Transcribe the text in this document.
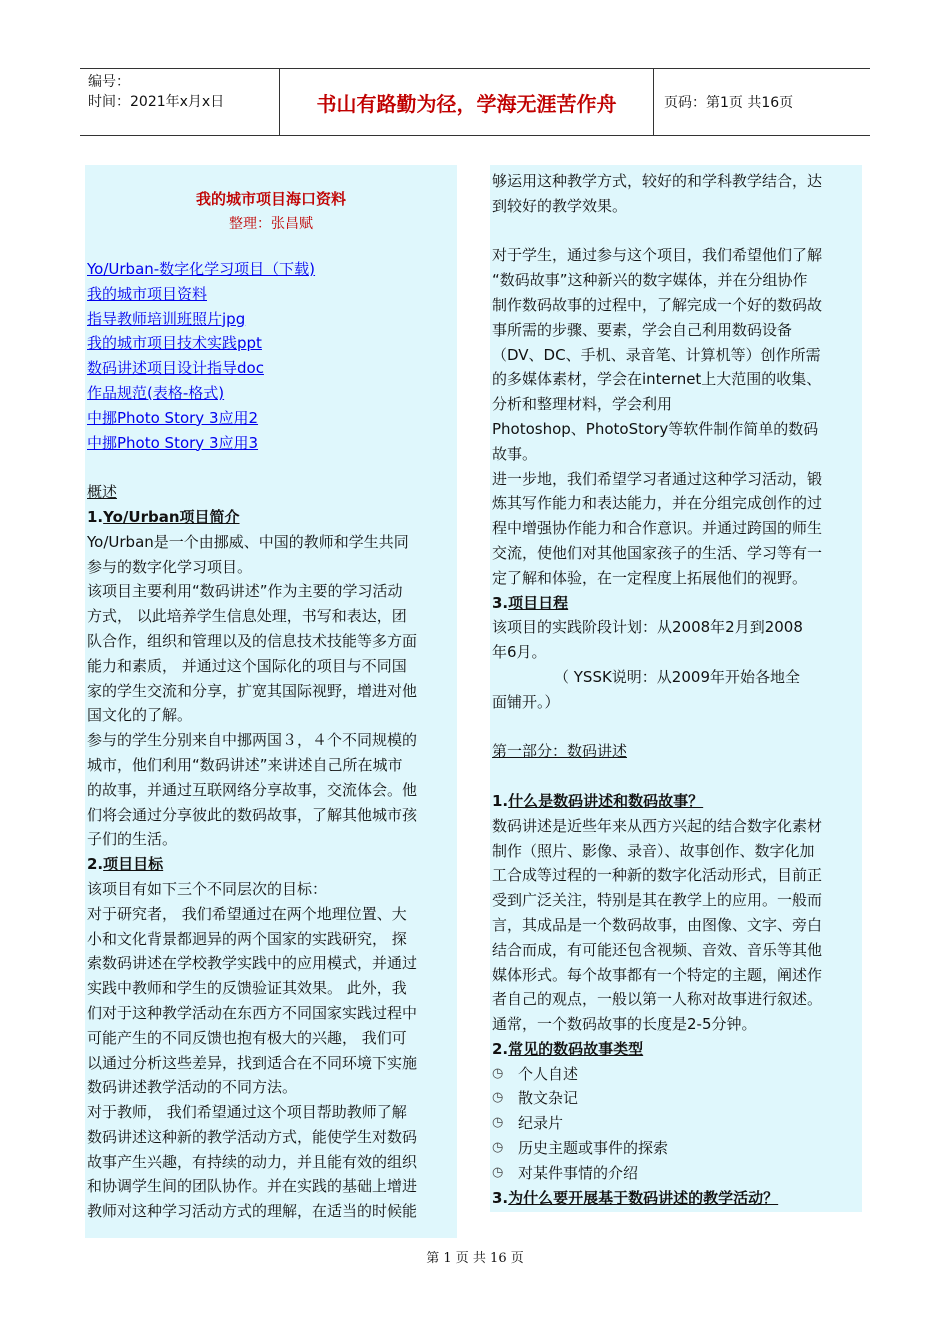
编号：
时间：2021年x月x日	书山有路勤为径，学海无涯苦作舟	页码：第1页 共16页
我的城市项目海口资料
整理：张昌赋
Yo/Urban-数字化学习项目（下载)
我的城市项目资料
指导教师培训班照片jpg
我的城市项目技术实践ppt
数码讲述项目设计指导doc
作品规范(表格-格式)
中挪Photo Story 3应用2
中挪Photo Story 3应用3
概述
1.Yo/Urban项目简介
Yo/Urban是一个由挪威、中国的教师和学生共同
参与的数字化学习项目。
该项目主要利用“数码讲述”作为主要的学习活动
方式， 以此培养学生信息处理，书写和表达，团
队合作，组织和管理以及的信息技术技能等多方面
能力和素质， 并通过这个国际化的项目与不同国
家的学生交流和分享，扩宽其国际视野，增进对他
国文化的了解。
参与的学生分别来自中挪两国３，４个不同规模的
城市，他们利用“数码讲述”来讲述自己所在城市
的故事，并通过互联网络分享故事，交流体会。他
们将会通过分享彼此的数码故事，了解其他城市孩
子们的生活。
2.项目目标
该项目有如下三个不同层次的目标：
对于研究者， 我们希望通过在两个地理位置、大
小和文化背景都迥异的两个国家的实践研究， 探
索数码讲述在学校教学实践中的应用模式，并通过
实践中教师和学生的反馈验证其效果。 此外，我
们对于这种教学活动在东西方不同国家实践过程中
可能产生的不同反馈也抱有极大的兴趣， 我们可
以通过分析这些差异，找到适合在不同环境下实施
数码讲述教学活动的不同方法。
对于教师， 我们希望通过这个项目帮助教师了解
数码讲述这种新的教学活动方式，能使学生对数码
故事产生兴趣，有持续的动力，并且能有效的组织
和协调学生间的团队协作。并在实践的基础上增进
教师对这种学习活动方式的理解，在适当的时候能
够运用这种教学方式，较好的和学科教学结合，达
到较好的教学效果。
对于学生，通过参与这个项目，我们希望他们了解
“数码故事”这种新兴的数字媒体，并在分组协作
制作数码故事的过程中，了解完成一个好的数码故
事所需的步骤、要素，学会自己利用数码设备
（DV、DC、手机、录音笔、计算机等）创作所需
的多媒体素材，学会在internet上大范围的收集、
分析和整理材料，学会利用
Photoshop、PhotoStory等软件制作简单的数码
故事。
进一步地，我们希望学习者通过这种学习活动，锻
炼其写作能力和表达能力，并在分组完成创作的过
程中增强协作能力和合作意识。并通过跨国的师生
交流，使他们对其他国家孩子的生活、学习等有一
定了解和体验，在一定程度上拓展他们的视野。
3.项目日程
该项目的实践阶段计划：从2008年2月到2008
年6月。
（ YSSK说明：从2009年开始各地全
面铺开。）
第一部分：数码讲述
1.什么是数码讲述和数码故事？
数码讲述是近些年来从西方兴起的结合数字化素材
制作（照片、影像、录音）、故事创作、数字化加
工合成等过程的一种新的数字化活动形式，目前正
受到广泛关注，特别是其在教学上的应用。一般而
言，其成品是一个数码故事，由图像、文字、旁白
结合而成，有可能还包含视频、音效、音乐等其他
媒体形式。每个故事都有一个特定的主题，阐述作
者自己的观点，一般以第一人称对故事进行叙述。
通常，一个数码故事的长度是2-5分钟。
2.常见的数码故事类型
◷ 个人自述
◷ 散文杂记
◷ 纪录片
◷ 历史主题或事件的探索
◷ 对某件事情的介绍
3.为什么要开展基于数码讲述的教学活动？
第 1 页 共 16 页
